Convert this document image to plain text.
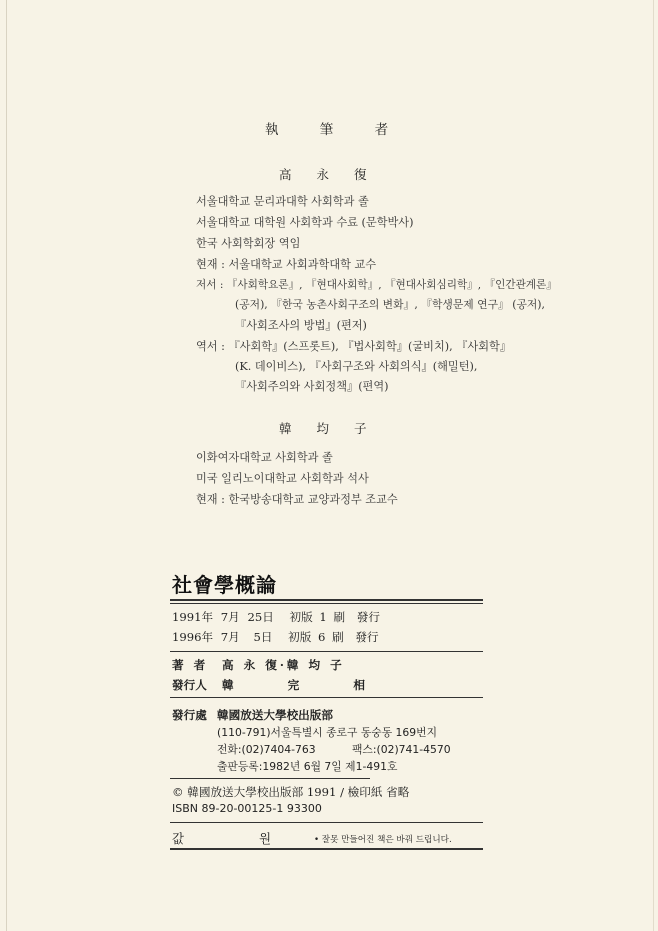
執	筆	者
高 永 復
서울대학교 문리과대학 사회학과 졸
서울대학교 대학원 사회학과 수료 (문학박사)
한국 사회학회장 역임
현재 : 서울대학교 사회과학대학 교수
저서 : 『사회학요론』, 『현대사회학』, 『현대사회심리학』, 『인간관계론』
(공저), 『한국 농촌사회구조의 변화』, 『학생문제 연구』 (공저),
『사회조사의 방법』(편저)
역서 : 『사회학』(스프롯트), 『법사회학』(굴비치), 『사회학』
(K. 데이비스), 『사회구조와 사회의식』(해밀턴),
『사회주의와 사회정책』(편역)
韓 均 子
이화여자대학교 사회학과 졸
미국 일리노이대학교 사회학과 석사
현재 : 한국방송대학교 교양과정부 조교수
社會學概論
1991年 7月 25日 初版 1 刷 發行
1996年 7月 5日 初版 6 刷 發行
著 者 高 永 復·韓 均 子
發行人 韓	完	相
發行處 韓國放送大學校出版部
(110-791)서울특별시 종로구 동숭동 169번지
전화:(02)7404-763	팩스:(02)741-4570
출판등록:1982년 6월 7일 제1-491호
© 韓國放送大學校出版部 1991 / 檢印紙 省略
ISBN 89-20-00125-1 93300
값	원	• 잘못 만들어진 책은 바꿔 드립니다.
